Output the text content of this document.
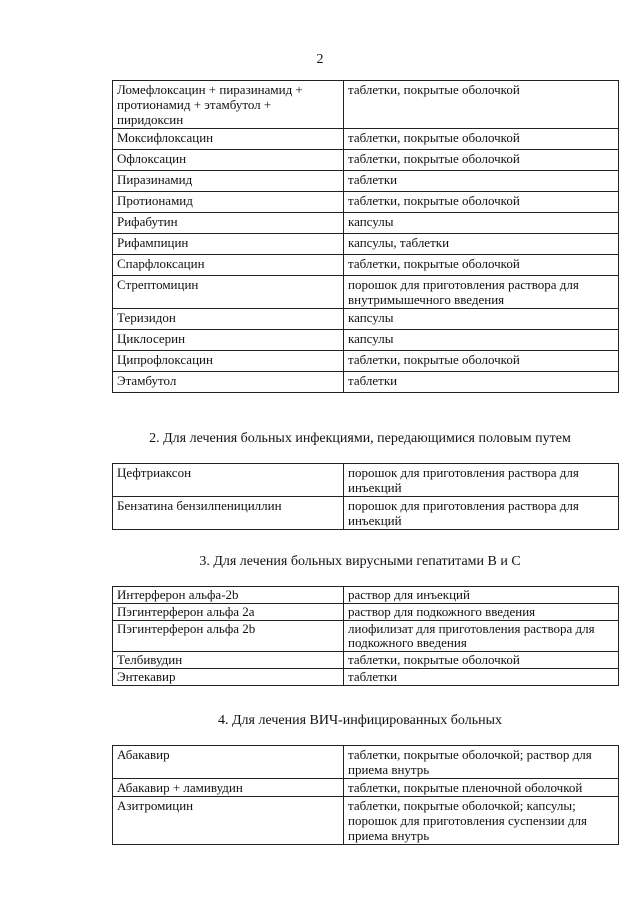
2
Ломефлоксацин + пиразинамид + протионамид + этамбутол + пиридоксин	таблетки, покрытые оболочкой
Моксифлоксацин	таблетки, покрытые оболочкой
Офлоксацин	таблетки, покрытые оболочкой
Пиразинамид	таблетки
Протионамид	таблетки, покрытые оболочкой
Рифабутин	капсулы
Рифампицин	капсулы, таблетки
Спарфлоксацин	таблетки, покрытые оболочкой
Стрептомицин	порошок для приготовления раствора для внутримышечного введения
Теризидон	капсулы
Циклосерин	капсулы
Ципрофлоксацин	таблетки, покрытые оболочкой
Этамбутол	таблетки
2. Для лечения больных инфекциями, передающимися половым путем
Цефтриаксон	порошок для приготовления раствора для инъекций
Бензатина бензилпенициллин	порошок для приготовления раствора для инъекций
3. Для лечения больных вирусными гепатитами В и С
Интерферон альфа-2b	раствор для инъекций
Пэгинтерферон альфа 2a	раствор для подкожного введения
Пэгинтерферон альфа 2b	лиофилизат для приготовления раствора для подкожного введения
Телбивудин	таблетки, покрытые оболочкой
Энтекавир	таблетки
4. Для лечения ВИЧ-инфицированных больных
Абакавир	таблетки, покрытые оболочкой; раствор для приема внутрь
Абакавир + ламивудин	таблетки, покрытые пленочной оболочкой
Азитромицин	таблетки, покрытые оболочкой; капсулы; порошок для приготовления суспензии для приема внутрь
